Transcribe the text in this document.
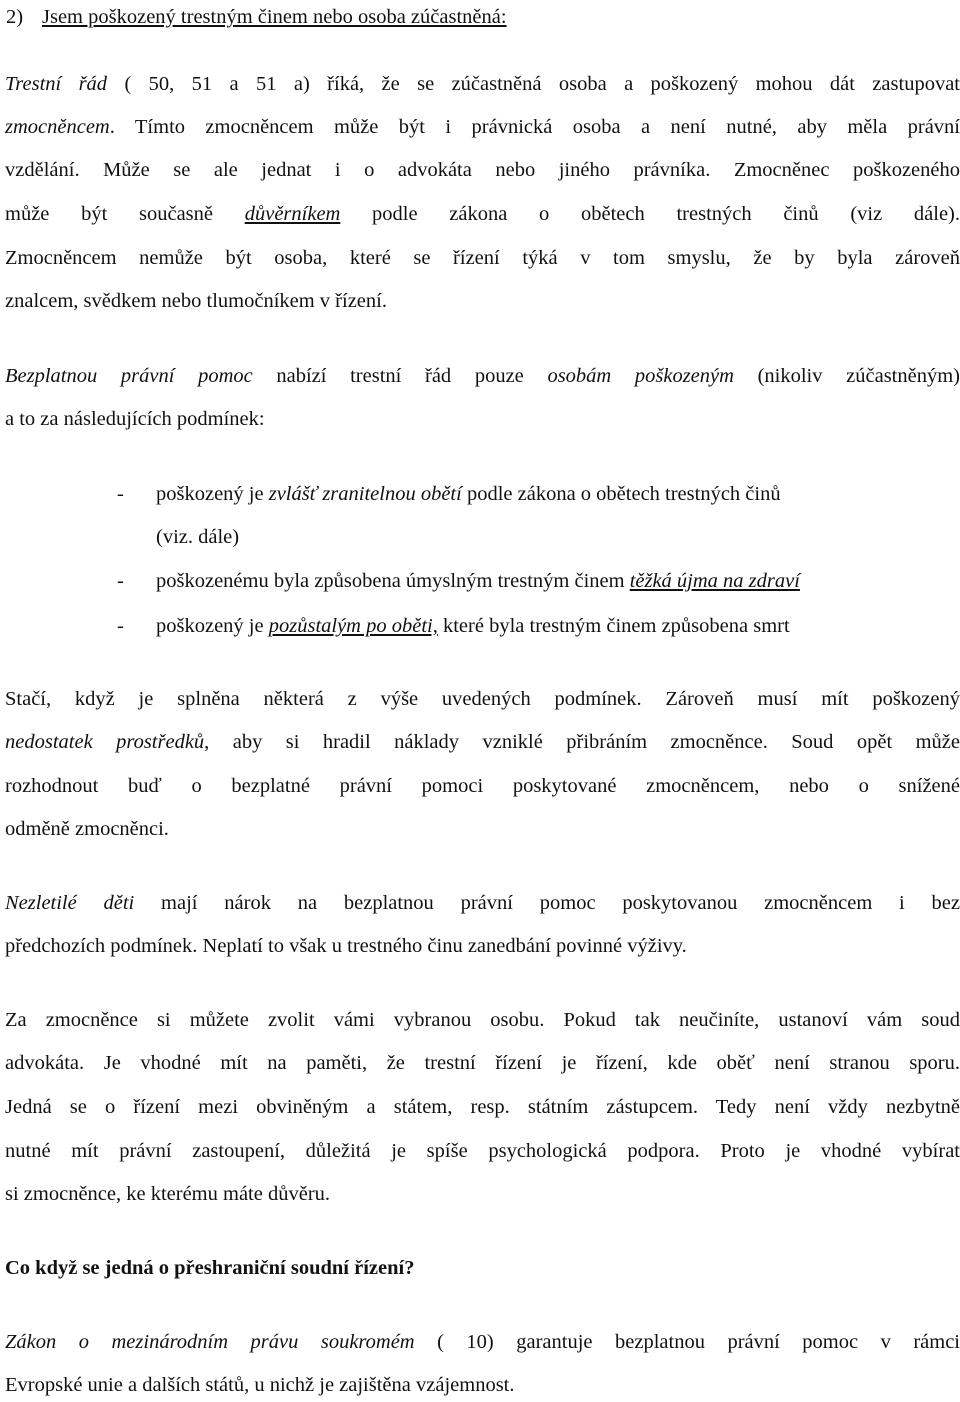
2) Jsem poškozený trestným činem nebo osoba zúčastněná:
Trestní řád ( 50, 51 a 51 a) říká, že se zúčastněná osoba a poškozený mohou dát zastupovat
zmocněncem. Tímto zmocněncem může být i právnická osoba a není nutné, aby měla právní
vzdělání. Může se ale jednat i o advokáta nebo jiného právníka. Zmocněnec poškozeného
může být současně důvěrníkem podle zákona o obětech trestných činů (viz dále).
Zmocněncem nemůže být osoba, které se řízení týká v tom smyslu, že by byla zároveň
znalcem, svědkem nebo tlumočníkem v řízení.
Bezplatnou právní pomoc nabízí trestní řád pouze osobám poškozeným (nikoliv zúčastněným)
a to za následujících podmínek:
- poškozený je zvlášť zranitelnou obětí podle zákona o obětech trestných činů
(viz. dále)
- poškozenému byla způsobena úmyslným trestným činem těžká újma na zdraví
- poškozený je pozůstalým po oběti, které byla trestným činem způsobena smrt
Stačí, když je splněna některá z výše uvedených podmínek. Zároveň musí mít poškozený
nedostatek prostředků, aby si hradil náklady vzniklé přibráním zmocněnce. Soud opět může
rozhodnout buď o bezplatné právní pomoci poskytované zmocněncem, nebo o snížené
odměně zmocněnci.
Nezletilé děti mají nárok na bezplatnou právní pomoc poskytovanou zmocněncem i bez
předchozích podmínek. Neplatí to však u trestného činu zanedbání povinné výživy.
Za zmocněnce si můžete zvolit vámi vybranou osobu. Pokud tak neučiníte, ustanoví vám soud
advokáta. Je vhodné mít na paměti, že trestní řízení je řízení, kde oběť není stranou sporu.
Jedná se o řízení mezi obviněným a státem, resp. státním zástupcem. Tedy není vždy nezbytně
nutné mít právní zastoupení, důležitá je spíše psychologická podpora. Proto je vhodné vybírat
si zmocněnce, ke kterému máte důvěru.
Co když se jedná o přeshraniční soudní řízení?
Zákon o mezinárodním právu soukromém ( 10) garantuje bezplatnou právní pomoc v rámci
Evropské unie a dalších států, u nichž je zajištěna vzájemnost.
